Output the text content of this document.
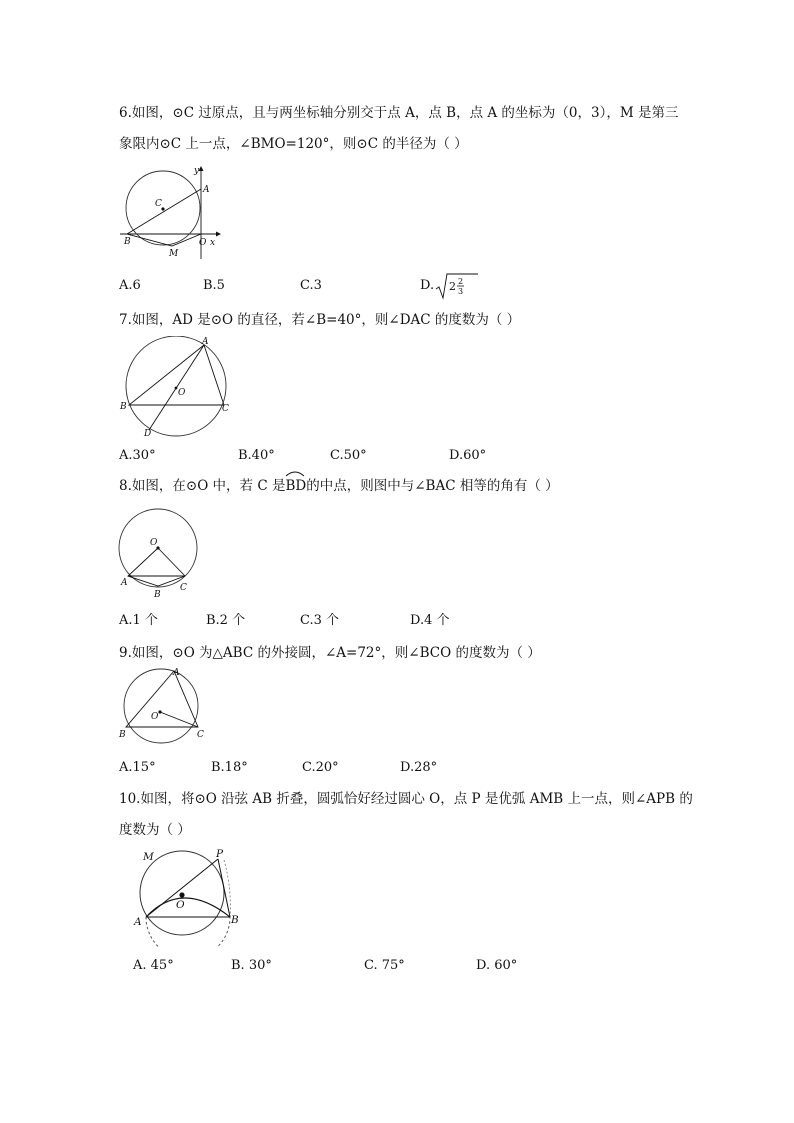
6.如图，⊙C 过原点，且与两坐标轴分别交于点 A，点 B，点 A 的坐标为（0，3），M 是第三
象限内⊙C 上一点，∠BMO=120°，则⊙C 的半径为（ ）
y
A
C
B	O x
M
A.6	B.5	C.3	D. 2 2
3
7.如图，AD 是⊙O 的直径，若∠B=40°，则∠DAC 的度数为（ ）
A
O
B	C
D
A.30°	B.40°	C.50°	D.60°
8.如图，在⊙O 中，若 C 是
BD的中点，则图中与∠BAC 相等的角有（ ）
O
A
B
C
A.1 个	B.2 个	C.3 个	D.4 个
9.如图，⊙O 为△ABC 的外接圆，∠A=72°，则∠BCO 的度数为（ ）
A
O
B	C
A.15°	B.18°	C.20°	D.28°
10.如图，将⊙O 沿弦 AB 折叠，圆弧恰好经过圆心 O，点 P 是优弧 AMB 上一点，则∠APB 的
度数为（ ）
M	P
O
A	B
A. 45°	B. 30°	C. 75°	D. 60°
